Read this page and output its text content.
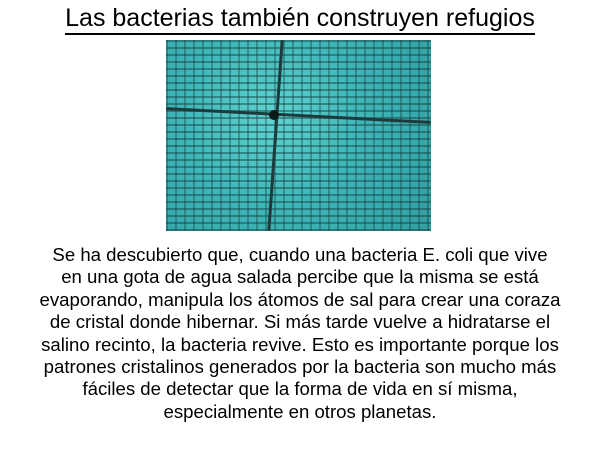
Las bacterias también construyen refugios
Se ha descubierto que, cuando una bacteria E. coli que vive
en una gota de agua salada percibe que la misma se está
evaporando, manipula los átomos de sal para crear una coraza
de cristal donde hibernar. Si más tarde vuelve a hidratarse el
salino recinto, la bacteria revive. Esto es importante porque los
patrones cristalinos generados por la bacteria son mucho más
fáciles de detectar que la forma de vida en sí misma,
especialmente en otros planetas.
